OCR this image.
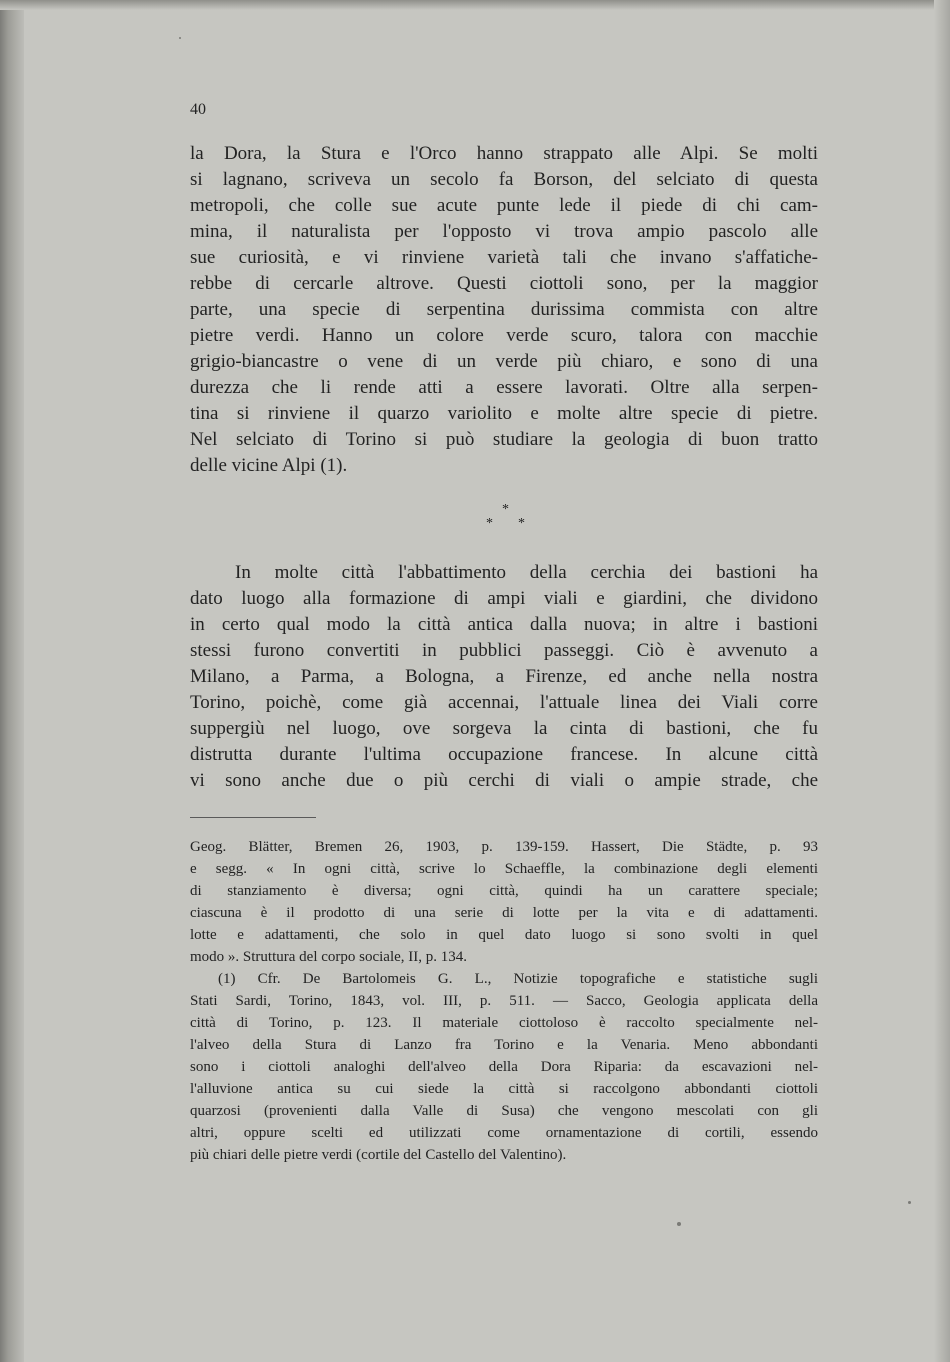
40
la Dora, la Stura e l'Orco hanno strappato alle Alpi. Se molti
si lagnano, scriveva un secolo fa Borson, del selciato di questa
metropoli, che colle sue acute punte lede il piede di chi cam-
mina, il naturalista per l'opposto vi trova ampio pascolo alle
sue curiosità, e vi rinviene varietà tali che invano s'affatiche-
rebbe di cercarle altrove. Questi ciottoli sono, per la maggior
parte, una specie di serpentina durissima commista con altre
pietre verdi. Hanno un colore verde scuro, talora con macchie
grigio-biancastre o vene di un verde più chiaro, e sono di una
durezza che li rende atti a essere lavorati. Oltre alla serpen-
tina si rinviene il quarzo variolito e molte altre specie di pietre.
Nel selciato di Torino si può studiare la geologia di buon tratto
delle vicine Alpi (1).
*
* *
In molte città l'abbattimento della cerchia dei bastioni ha
dato luogo alla formazione di ampi viali e giardini, che dividono
in certo qual modo la città antica dalla nuova; in altre i bastioni
stessi furono convertiti in pubblici passeggi. Ciò è avvenuto a
Milano, a Parma, a Bologna, a Firenze, ed anche nella nostra
Torino, poichè, come già accennai, l'attuale linea dei Viali corre
suppergiù nel luogo, ove sorgeva la cinta di bastioni, che fu
distrutta durante l'ultima occupazione francese. In alcune città
vi sono anche due o più cerchi di viali o ampie strade, che
Geog. Blätter, Bremen 26, 1903, p. 139-159. Hassert, Die Städte, p. 93
e segg. « In ogni città, scrive lo Schaeffle, la combinazione degli elementi
di stanziamento è diversa; ogni città, quindi ha un carattere speciale;
ciascuna è il prodotto di una serie di lotte per la vita e di adattamenti.
lotte e adattamenti, che solo in quel dato luogo si sono svolti in quel
modo ». Struttura del corpo sociale, II, p. 134.
(1) Cfr. De Bartolomeis G. L., Notizie topografiche e statistiche sugli
Stati Sardi, Torino, 1843, vol. III, p. 511. — Sacco, Geologia applicata della
città di Torino, p. 123. Il materiale ciottoloso è raccolto specialmente nel-
l'alveo della Stura di Lanzo fra Torino e la Venaria. Meno abbondanti
sono i ciottoli analoghi dell'alveo della Dora Riparia: da escavazioni nel-
l'alluvione antica su cui siede la città si raccolgono abbondanti ciottoli
quarzosi (provenienti dalla Valle di Susa) che vengono mescolati con gli
altri, oppure scelti ed utilizzati come ornamentazione di cortili, essendo
più chiari delle pietre verdi (cortile del Castello del Valentino).
